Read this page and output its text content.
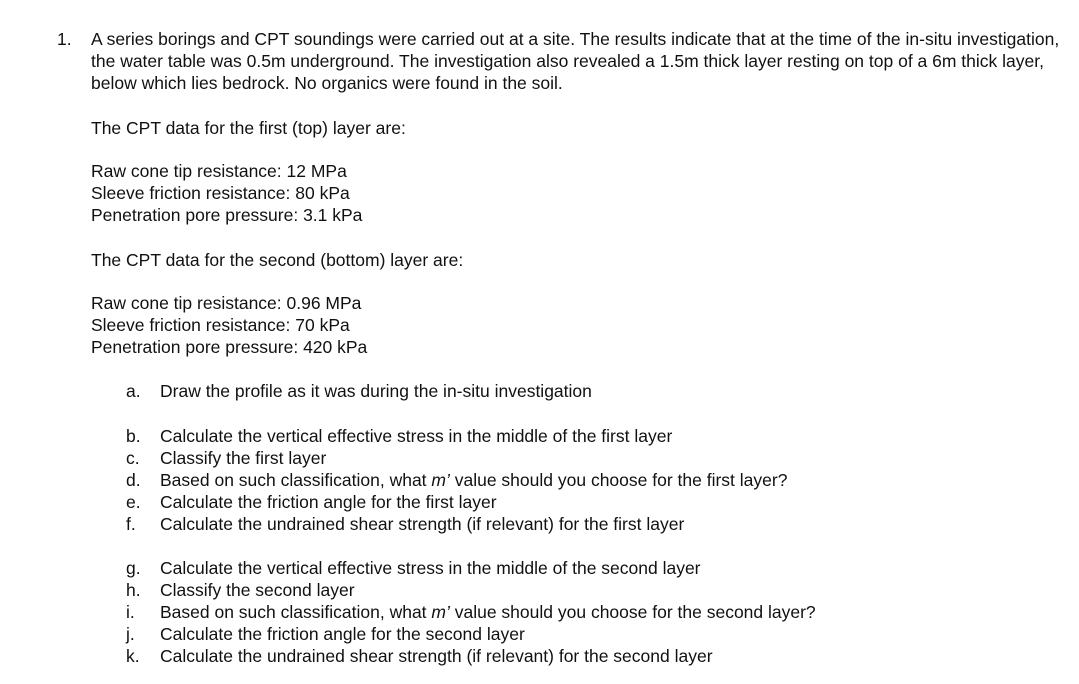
1. A series borings and CPT soundings were carried out at a site. The results indicate that at the time of the in-situ investigation, the water table was 0.5m underground. The investigation also revealed a 1.5m thick layer resting on top of a 6m thick layer, below which lies bedrock. No organics were found in the soil.

The CPT data for the first (top) layer are:
Raw cone tip resistance: 12 MPa
Sleeve friction resistance: 80 kPa
Penetration pore pressure: 3.1 kPa
The CPT data for the second (bottom) layer are:
Raw cone tip resistance: 0.96 MPa
Sleeve friction resistance: 70 kPa
Penetration pore pressure: 420 kPa
a.	Draw the profile as it was during the in-situ investigation
b.	Calculate the vertical effective stress in the middle of the first layer
c.	Classify the first layer
d.	Based on such classification, what m’ value should you choose for the first layer?
e.	Calculate the friction angle for the first layer
f.	Calculate the undrained shear strength (if relevant) for the first layer
g.	Calculate the vertical effective stress in the middle of the second layer
h.	Classify the second layer
i.	Based on such classification, what m’ value should you choose for the second layer?
j.	Calculate the friction angle for the second layer
k.	Calculate the undrained shear strength (if relevant) for the second layer
